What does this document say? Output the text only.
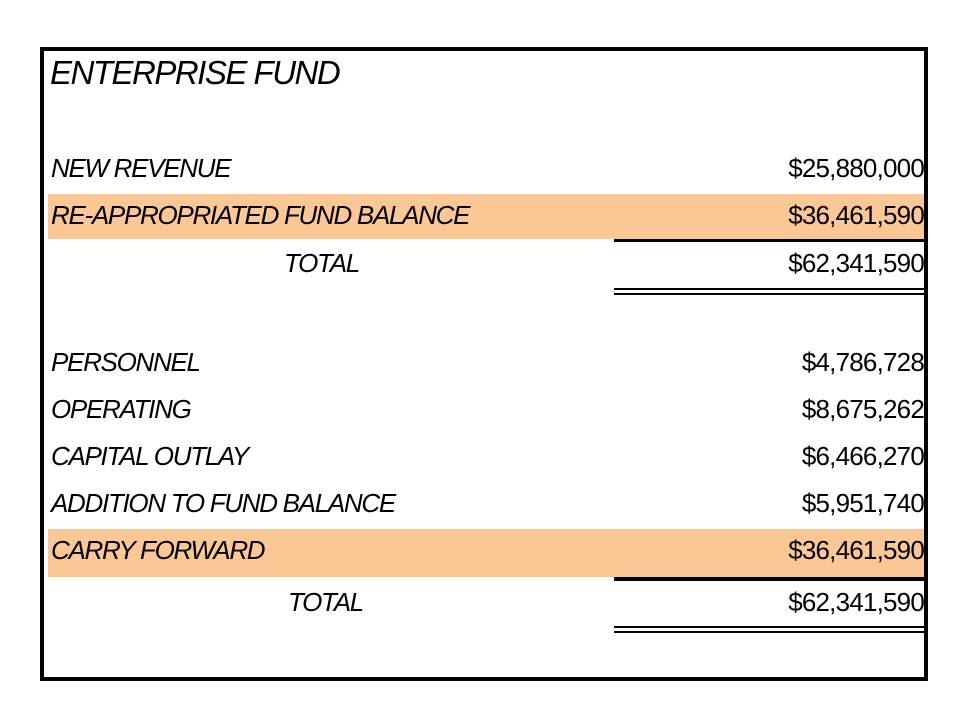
ENTERPRISE FUND
NEW REVENUE	$25,880,000
RE-APPROPRIATED FUND BALANCE	$36,461,590
TOTAL	$62,341,590
PERSONNEL	$4,786,728
OPERATING	$8,675,262
CAPITAL OUTLAY	$6,466,270
ADDITION TO FUND BALANCE	$5,951,740
CARRY FORWARD	$36,461,590
TOTAL	$62,341,590
